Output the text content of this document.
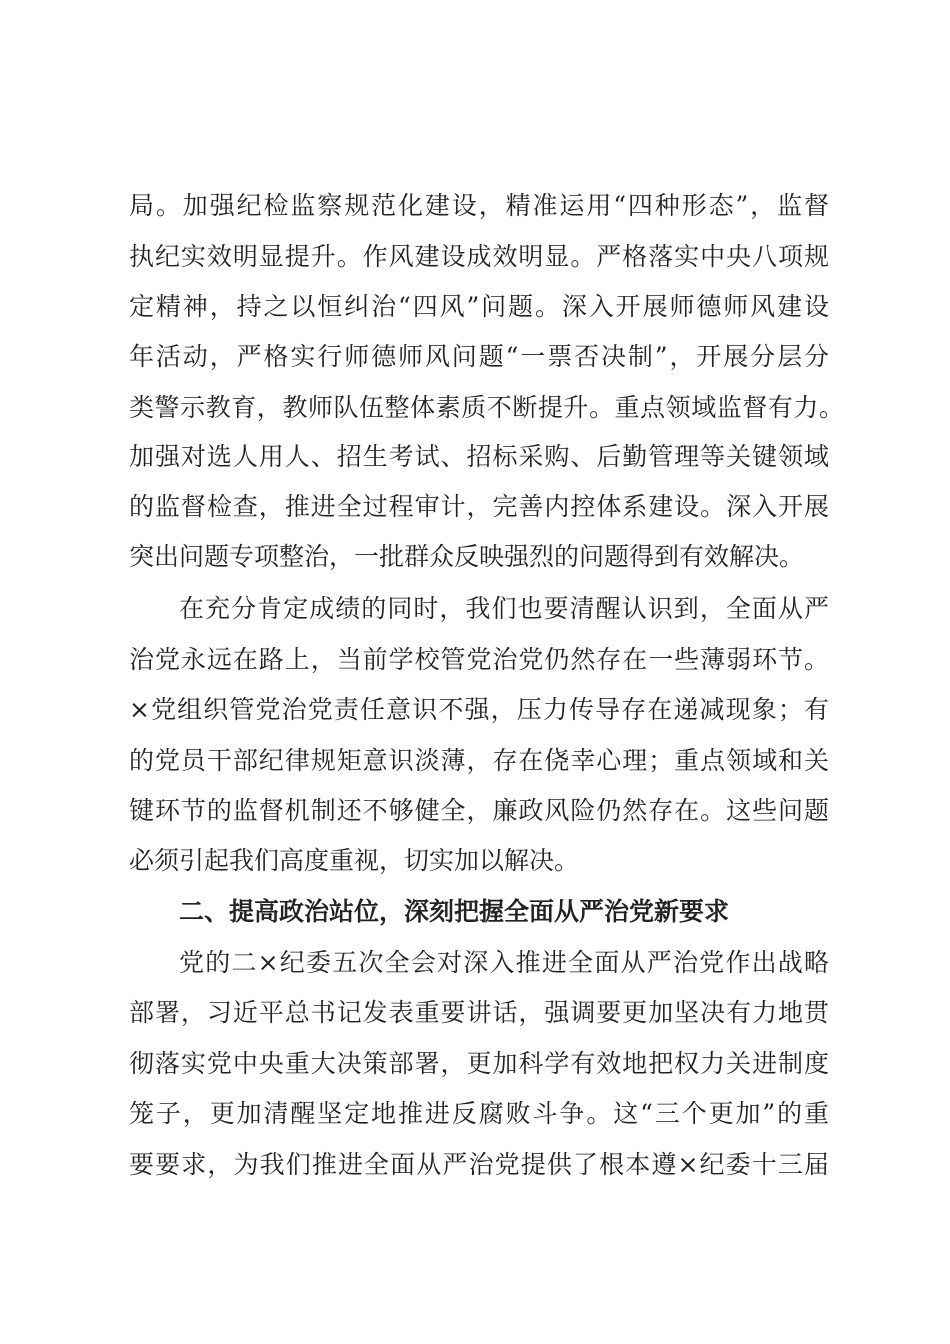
局。加强纪检监察规范化建设，精准运用“四种形态”，监督
执纪实效明显提升。作风建设成效明显。严格落实中央八项规
定精神，持之以恒纠治“四风”问题。深入开展师德师风建设
年活动，严格实行师德师风问题“一票否决制”，开展分层分
类警示教育，教师队伍整体素质不断提升。重点领域监督有力。
加强对选人用人、招生考试、招标采购、后勤管理等关键领域
的监督检查，推进全过程审计，完善内控体系建设。深入开展
突出问题专项整治，一批群众反映强烈的问题得到有效解决。
在充分肯定成绩的同时，我们也要清醒认识到，全面从严
治党永远在路上，当前学校管党治党仍然存在一些薄弱环节。
×党组织管党治党责任意识不强，压力传导存在递减现象；有
的党员干部纪律规矩意识淡薄，存在侥幸心理；重点领域和关
键环节的监督机制还不够健全，廉政风险仍然存在。这些问题
必须引起我们高度重视，切实加以解决。
二、提高政治站位，深刻把握全面从严治党新要求
党的二×纪委五次全会对深入推进全面从严治党作出战略
部署，习近平总书记发表重要讲话，强调要更加坚决有力地贯
彻落实党中央重大决策部署，更加科学有效地把权力关进制度
笼子，更加清醒坚定地推进反腐败斗争。这“三个更加”的重
要要求，为我们推进全面从严治党提供了根本遵×纪委十三届
